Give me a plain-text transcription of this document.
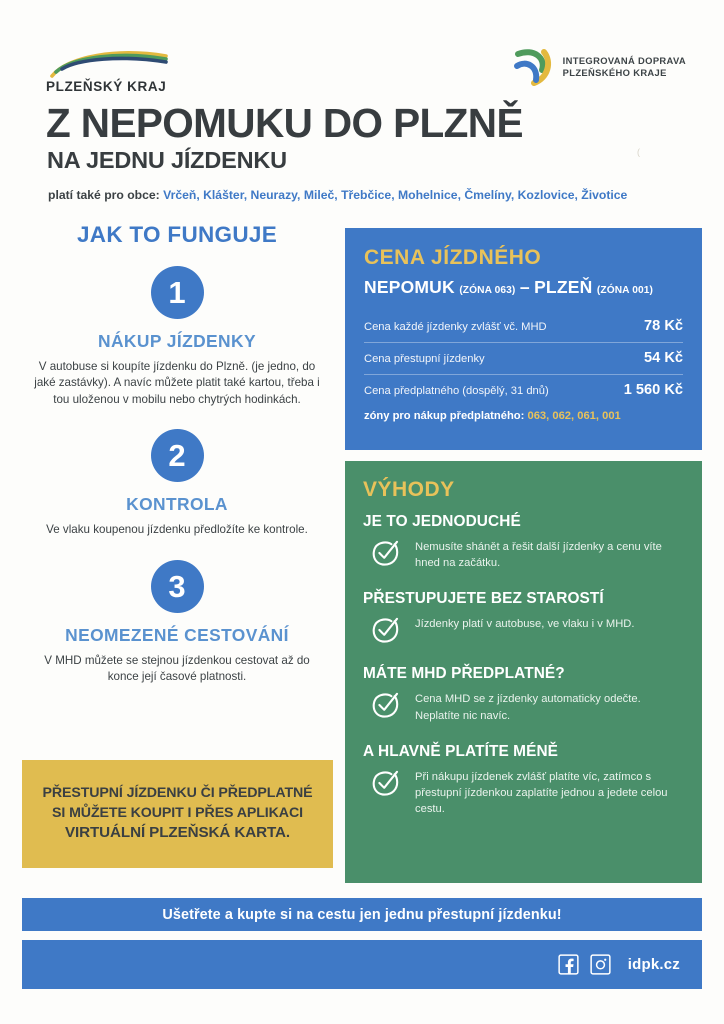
PLZEŇSKÝ KRAJ
INTEGROVANÁ DOPRAVA
PLZEŇSKÉHO KRAJE
Z NEPOMUKU DO PLZNĚ
NA JEDNU JÍZDENKU
platí také pro obce: Vrčeň, Klášter, Neurazy, Mileč, Třebčice, Mohelnice, Čmelíny, Kozlovice, Životice
(
JAK TO FUNGUJE
1
NÁKUP JÍZDENKY
V autobuse si koupíte jízdenku do Plzně. (je jedno, do jaké zastávky). A navíc můžete platit také kartou, třeba i tou uloženou v mobilu nebo chytrých hodinkách.
2
KONTROLA
Ve vlaku koupenou jízdenku předložíte ke kontrole.
3
NEOMEZENÉ CESTOVÁNÍ
V MHD můžete se stejnou jízdenkou cestovat až do konce její časové platnosti.
PŘESTUPNÍ JÍZDENKU ČI PŘEDPLATNÉ
SI MŮŽETE KOUPIT I PŘES APLIKACI
VIRTUÁLNÍ PLZEŇSKÁ KARTA.
CENA JÍZDNÉHO
NEPOMUK (ZÓNA 063) – PLZEŇ (ZÓNA 001)
Cena každé jízdenky zvlášť vč. MHD	78 Kč
Cena přestupní jízdenky	54 Kč
Cena předplatného (dospělý, 31 dnů)	1 560 Kč
zóny pro nákup předplatného: 063, 062, 061, 001
VÝHODY
JE TO JEDNODUCHÉ
Nemusíte shánět a řešit další jízdenky a cenu víte hned na začátku.
PŘESTUPUJETE BEZ STAROSTÍ
Jízdenky platí v autobuse, ve vlaku i v MHD.
MÁTE MHD PŘEDPLATNÉ?
Cena MHD se z jízdenky automaticky odečte. Neplatíte nic navíc.
A HLAVNĚ PLATÍTE MÉNĚ
Při nákupu jízdenek zvlášť platíte víc, zatímco s přestupní jízdenkou zaplatíte jednou a jedete celou cestu.
Ušetřete a kupte si na cestu jen jednu přestupní jízdenku!
idpk.cz
